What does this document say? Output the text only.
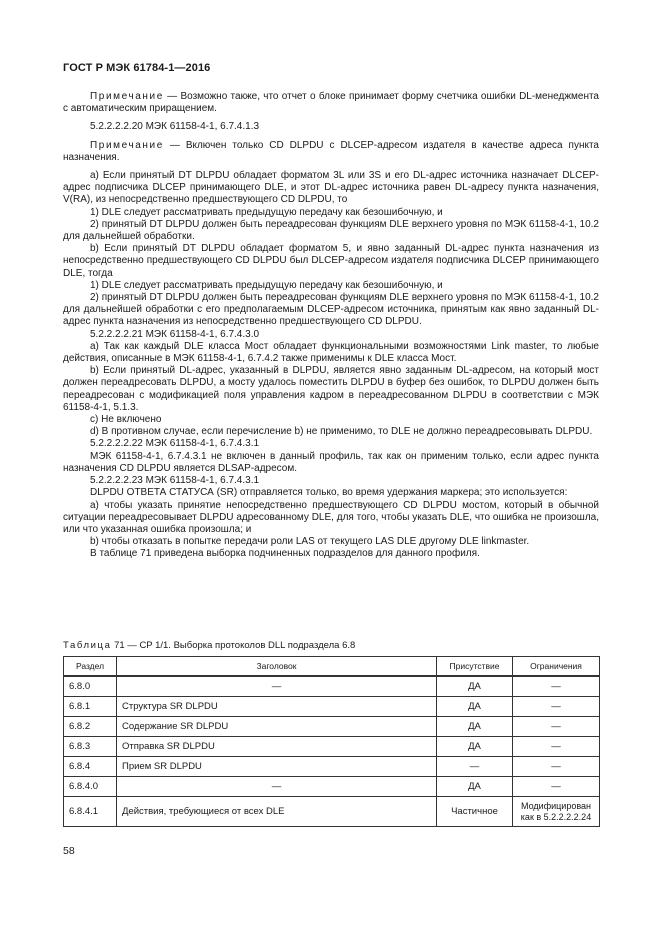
ГОСТ Р МЭК 61784-1—2016

Примечание — Возможно также, что отчет о блоке принимает форму счетчика ошибки DL-менеджмента с автоматическим приращением.

5.2.2.2.2.20 МЭК 61158-4-1, 6.7.4.1.3

Примечание — Включен только CD DLPDU с DLCEP-адресом издателя в качестве адреса пункта назначения.

a) Если принятый DT DLPDU обладает форматом 3L или 3S и его DL-адрес источника назначает DLCEP-адрес подписчика DLCEP принимающего DLE, и этот DL-адрес источника равен DL-адресу пункта назначения, V(RA), из непосредственно предшествующего CD DLPDU, то

1) DLE следует рассматривать предыдущую передачу как безошибочную, и

2) принятый DT DLPDU должен быть переадресован функциям DLE верхнего уровня по МЭК 61158-4-1, 10.2 для дальнейшей обработки.

b) Если принятый DT DLPDU обладает форматом 5, и явно заданный DL-адрес пункта назначения из непосредственно предшествующего CD DLPDU был DLCEP-адресом издателя подписчика DLCEP принимающего DLE, тогда

1) DLE следует рассматривать предыдущую передачу как безошибочную, и

2) принятый DT DLPDU должен быть переадресован функциям DLE верхнего уровня по МЭК 61158-4-1, 10.2 для дальнейшей обработки с его предполагаемым DLCEP-адресом источника, принятым как явно заданный DL-адрес пункта назначения из непосредственно предшествующего CD DLPDU.

5.2.2.2.2.21 МЭК 61158-4-1, 6.7.4.3.0

a) Так как каждый DLE класса Мост обладает функциональными возможностями Link master, то любые действия, описанные в МЭК 61158-4-1, 6.7.4.2 также применимы к DLE класса Мост.

b) Если принятый DL-адрес, указанный в DLPDU, является явно заданным DL-адресом, на который мост должен переадресовать DLPDU, а мосту удалось поместить DLPDU в буфер без ошибок, то DLPDU должен быть переадресован с модификацией поля управления кадром в переадресованном DLPDU в соответствии с МЭК 61158-4-1, 5.1.3.

c) Не включено

d) В противном случае, если перечисление b) не применимо, то DLE не должно переадресовывать DLPDU.

5.2.2.2.2.22 МЭК 61158-4-1, 6.7.4.3.1

МЭК 61158-4-1, 6.7.4.3.1 не включен в данный профиль, так как он применим только, если адрес пункта назначения CD DLPDU является DLSAP-адресом.

5.2.2.2.2.23 МЭК 61158-4-1, 6.7.4.3.1

DLPDU ОТВЕТА СТАТУСА (SR) отправляется только, во время удержания маркера; это используется:

a) чтобы указать принятие непосредственно предшествующего CD DLPDU мостом, который в обычной ситуации переадресовывает DLPDU адресованному DLE, для того, чтобы указать DLE, что ошибка не произошла, или что указанная ошибка произошла; и

b) чтобы отказать в попытке передачи роли LAS от текущего LAS DLE другому DLE linkmaster.

В таблице 71 приведена выборка подчиненных подразделов для данного профиля.

Таблица 71 — CP 1/1. Выборка протоколов DLL подраздела 6.8
Раздел	Заголовок	Присутствие	Ограничения
6.8.0	—	ДА	—
6.8.1	Структура SR DLPDU	ДА	—
6.8.2	Содержание SR DLPDU	ДА	—
6.8.3	Отправка SR DLPDU	ДА	—
6.8.4	Прием SR DLPDU	—	—
6.8.4.0	—	ДА	—
6.8.4.1	Действия, требующиеся от всех DLE	Частичное	Модифицирован как в 5.2.2.2.2.24
58
